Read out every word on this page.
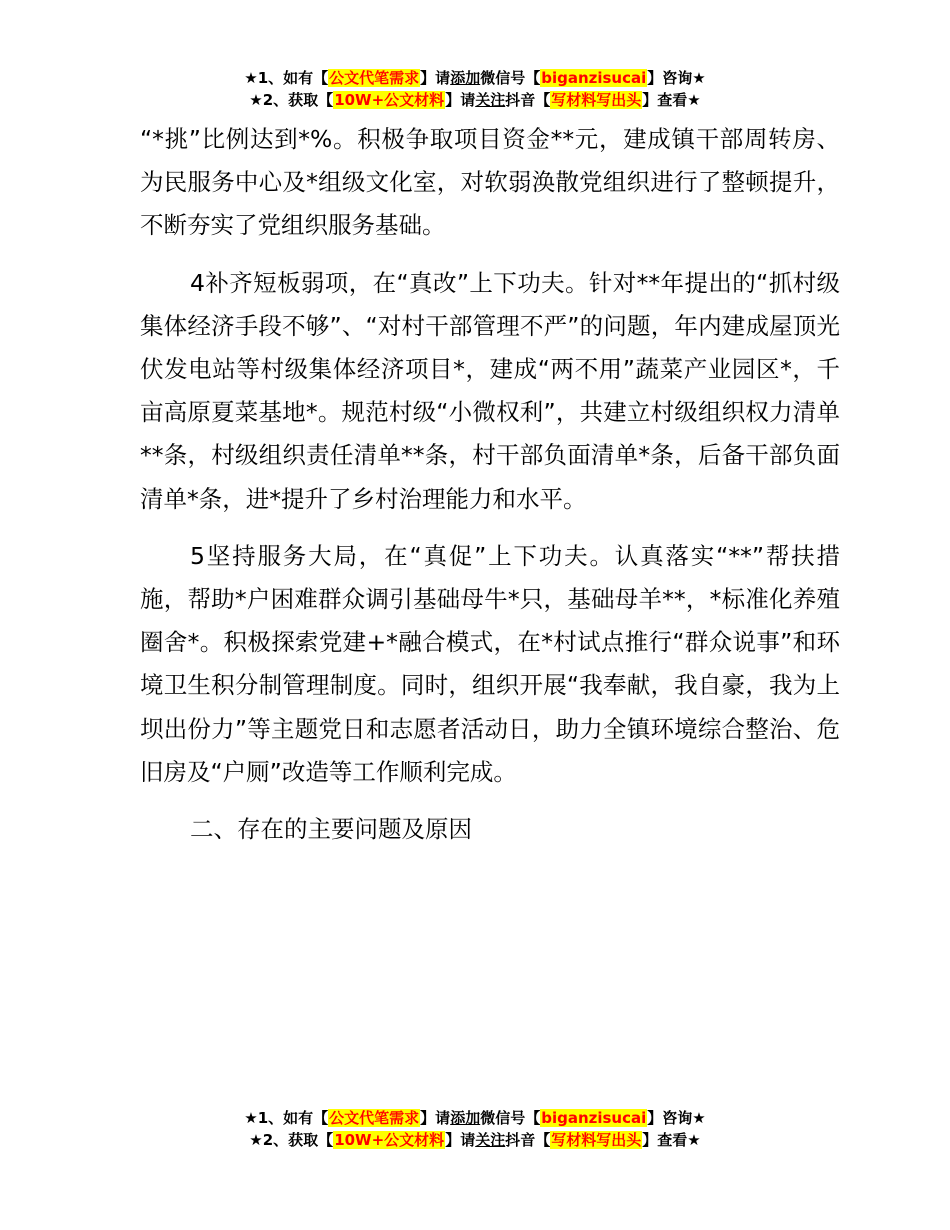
★1、如有【公文代笔需求】请添加微信号【biganzisucai】咨询★
★2、获取【10W+公文材料】请关注抖音【写材料写出头】查看★

“*挑”比例达到*%。积极争取项目资金**元，建成镇干部周转房、为民服务中心及*组级文化室，对软弱涣散党组织进行了整顿提升，不断夯实了党组织服务基础。

4补齐短板弱项，在“真改”上下功夫。针对**年提出的“抓村级集体经济手段不够”、“对村干部管理不严”的问题，年内建成屋顶光伏发电站等村级集体经济项目*，建成“两不用”蔬菜产业园区*，千亩高原夏菜基地*。规范村级“小微权利”，共建立村级组织权力清单**条，村级组织责任清单**条，村干部负面清单*条，后备干部负面清单*条，进*提升了乡村治理能力和水平。

5坚持服务大局，在“真促”上下功夫。认真落实“**”帮扶措施，帮助*户困难群众调引基础母牛*只，基础母羊**，*标准化养殖圈舍*。积极探索党建+*融合模式，在*村试点推行“群众说事”和环境卫生积分制管理制度。同时，组织开展“我奉献，我自豪，我为上坝出份力”等主题党日和志愿者活动日，助力全镇环境综合整治、危旧房及“户厕”改造等工作顺利完成。

二、存在的主要问题及原因

★1、如有【公文代笔需求】请添加微信号【biganzisucai】咨询★
★2、获取【10W+公文材料】请关注抖音【写材料写出头】查看★
